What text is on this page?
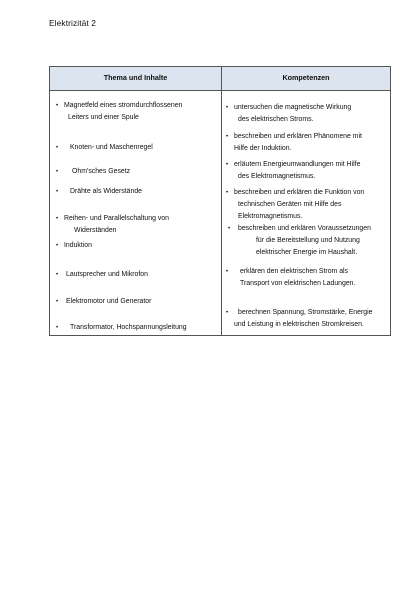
Elektrizität 2
Thema und Inhalte	Kompetenzen
• Magnetfeld eines stromdurchflossenen
Leiters und einer Spule
• Knoten- und Maschenregel
• Ohm’sches Gesetz
• Drähte als Widerstände
• Reihen- und Parallelschaltung von
Widerständen
• Induktion
• Lautsprecher und Mikrofon
• Elektromotor und Generator
• Transformator, Hochspannungsleitung
• untersuchen die magnetische Wirkung
des elektrischen Stroms.
• beschreiben und erklären Phänomene mit
Hilfe der Induktion.
• erläutern Energieumwandlungen mit Hilfe
des Elektromagnetismus.
• beschreiben und erklären die Funktion von
technischen Geräten mit Hilfe des
Elektromagnetismus.
• beschreiben und erklären Voraussetzungen
für die Bereitstellung und Nutzung
elektrischer Energie im Haushalt.
• erklären den elektrischen Strom als
Transport von elektrischen Ladungen.
• berechnen Spannung, Stromstärke, Energie
und Leistung in elektrischen Stromkreisen.
